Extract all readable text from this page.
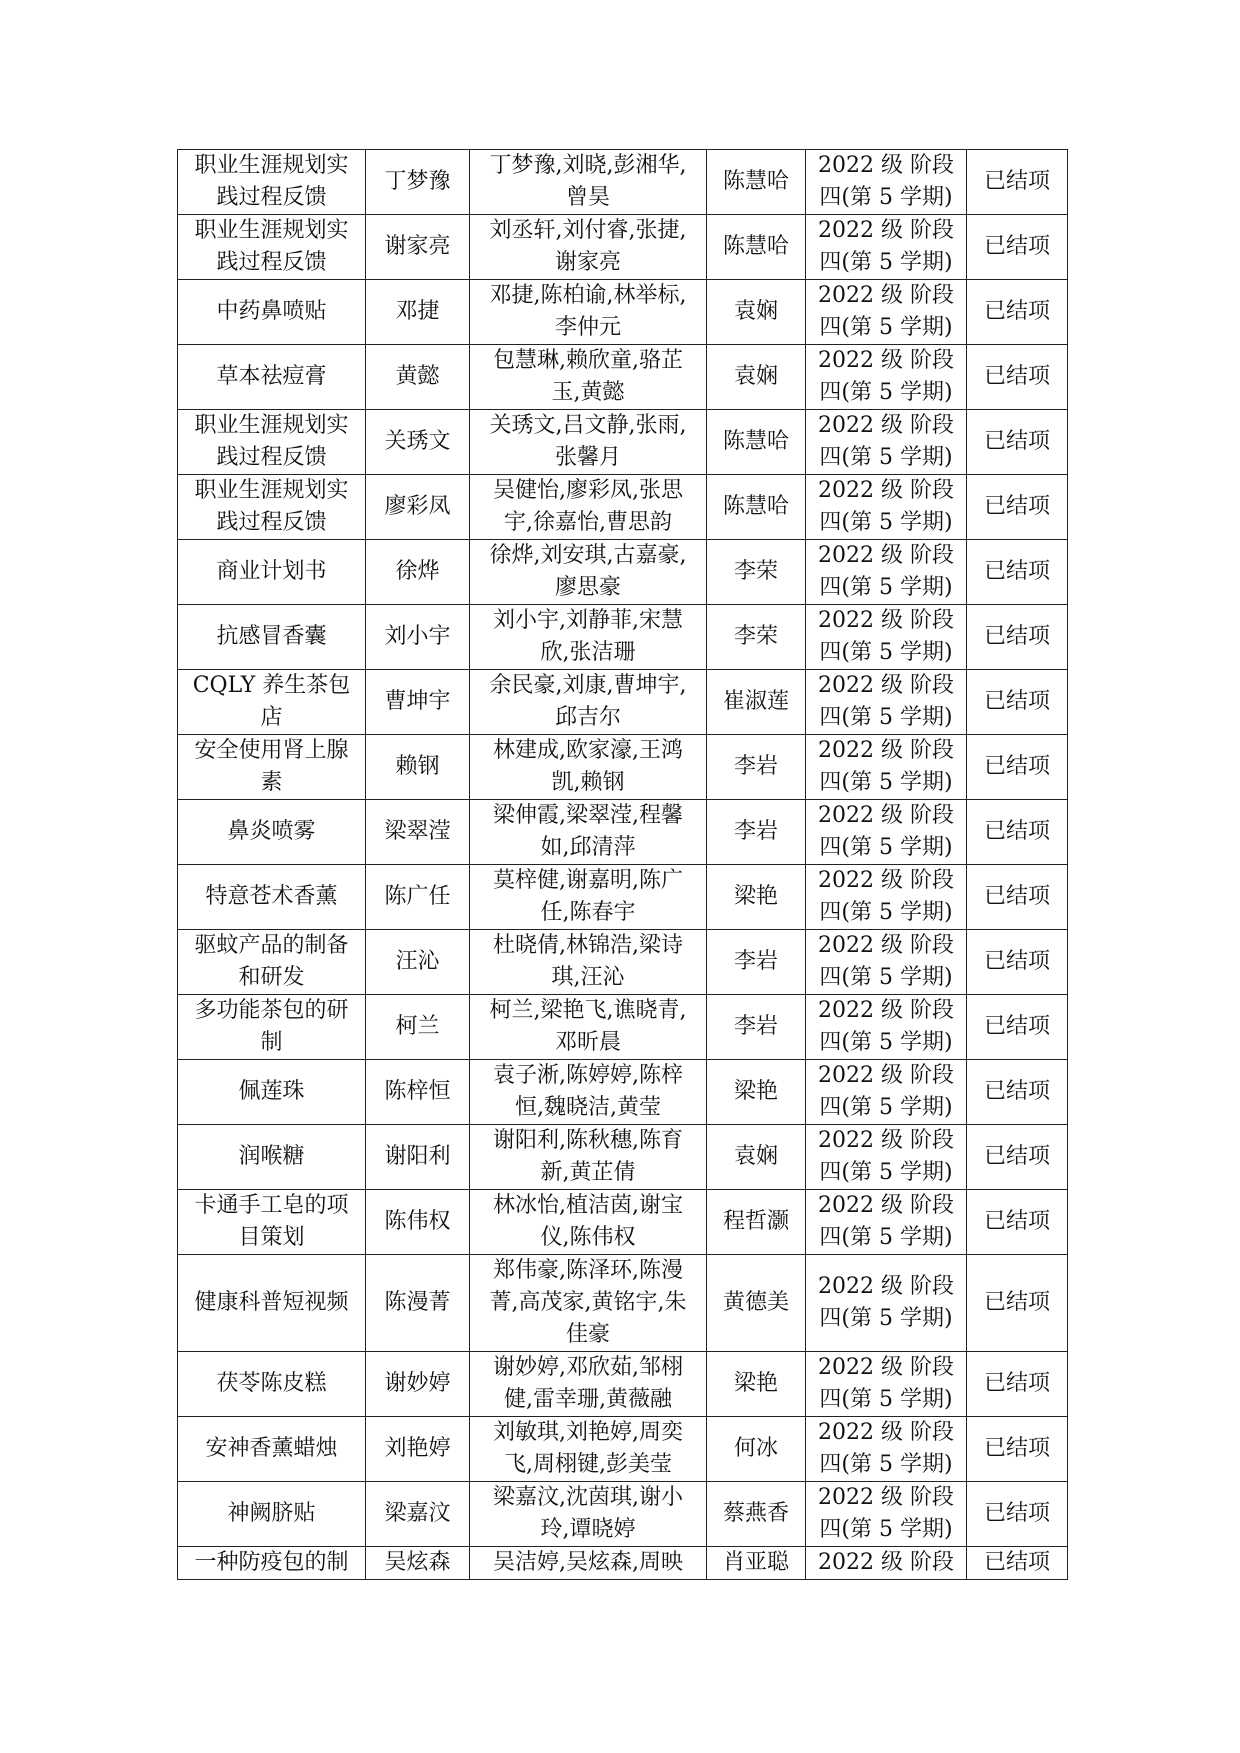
职业生涯规划实践过程反馈	丁梦豫	丁梦豫,刘晓,彭湘华,曾昊	陈慧哈	2022 级 阶段
四(第 5 学期)	已结项
职业生涯规划实践过程反馈	谢家亮	刘丞轩,刘付睿,张捷,谢家亮	陈慧哈	2022 级 阶段
四(第 5 学期)	已结项
中药鼻喷贴	邓捷	邓捷,陈柏谕,林举标,李仲元	袁娴	2022 级 阶段
四(第 5 学期)	已结项
草本祛痘膏	黄懿	包慧琳,赖欣童,骆芷玉,黄懿	袁娴	2022 级 阶段
四(第 5 学期)	已结项
职业生涯规划实践过程反馈	关琇文	关琇文,吕文静,张雨,张馨月	陈慧哈	2022 级 阶段
四(第 5 学期)	已结项
职业生涯规划实践过程反馈	廖彩凤	吴健怡,廖彩凤,张思宇,徐嘉怡,曹思韵	陈慧哈	2022 级 阶段
四(第 5 学期)	已结项
商业计划书	徐烨	徐烨,刘安琪,古嘉豪,廖思豪	李荣	2022 级 阶段
四(第 5 学期)	已结项
抗感冒香囊	刘小宇	刘小宇,刘静菲,宋慧欣,张洁珊	李荣	2022 级 阶段
四(第 5 学期)	已结项
CQLY 养生茶包店	曹坤宇	余民豪,刘康,曹坤宇,邱吉尔	崔淑莲	2022 级 阶段
四(第 5 学期)	已结项
安全使用肾上腺素	赖钢	林建成,欧家濠,王鸿凯,赖钢	李岩	2022 级 阶段
四(第 5 学期)	已结项
鼻炎喷雾	梁翠滢	梁伸霞,梁翠滢,程馨如,邱清萍	李岩	2022 级 阶段
四(第 5 学期)	已结项
特意苍术香薰	陈广任	莫梓健,谢嘉明,陈广任,陈春宇	梁艳	2022 级 阶段
四(第 5 学期)	已结项
驱蚊产品的制备和研发	汪沁	杜晓倩,林锦浩,梁诗琪,汪沁	李岩	2022 级 阶段
四(第 5 学期)	已结项
多功能茶包的研制	柯兰	柯兰,梁艳飞,谯晓青,邓昕晨	李岩	2022 级 阶段
四(第 5 学期)	已结项
佩莲珠	陈梓恒	袁子淅,陈婷婷,陈梓恒,魏晓洁,黄莹	梁艳	2022 级 阶段
四(第 5 学期)	已结项
润喉糖	谢阳利	谢阳利,陈秋穗,陈育新,黄芷倩	袁娴	2022 级 阶段
四(第 5 学期)	已结项
卡通手工皂的项目策划	陈伟权	林冰怡,植洁茵,谢宝仪,陈伟权	程哲灏	2022 级 阶段
四(第 5 学期)	已结项
健康科普短视频	陈漫菁	郑伟豪,陈泽环,陈漫菁,高茂家,黄铭宇,朱佳豪	黄德美	2022 级 阶段
四(第 5 学期)	已结项
茯苓陈皮糕	谢妙婷	谢妙婷,邓欣茹,邹栩健,雷幸珊,黄薇融	梁艳	2022 级 阶段
四(第 5 学期)	已结项
安神香薰蜡烛	刘艳婷	刘敏琪,刘艳婷,周奕飞,周栩键,彭美莹	何冰	2022 级 阶段
四(第 5 学期)	已结项
神阙脐贴	梁嘉汶	梁嘉汶,沈茵琪,谢小玲,谭晓婷	蔡燕香	2022 级 阶段
四(第 5 学期)	已结项

一种防疫包的制	吴炫森	吴洁婷,吴炫森,周映	肖亚聪	2022 级 阶段	已结项
